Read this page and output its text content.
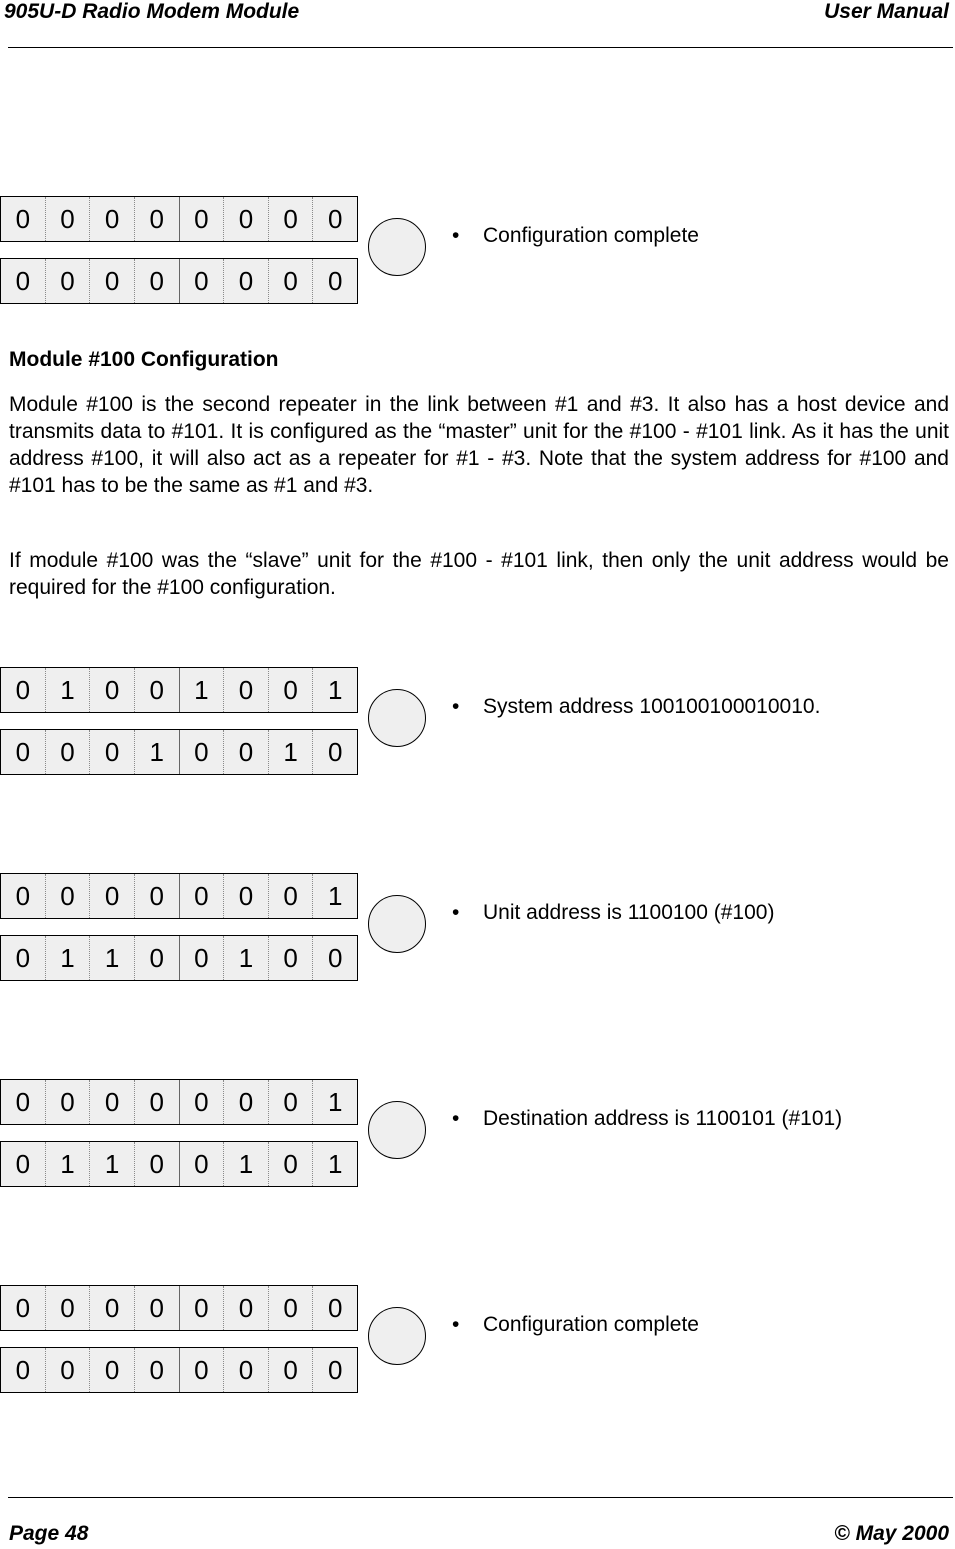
905U-D Radio Modem Module	User Manual
0	0	0	0	0	0	0	0
0	0	0	0	0	0	0	0
•	Configuration complete
Module #100 Configuration
Module #100 is the second repeater in the link between #1 and #3. It also has a host device and transmits data to #101. It is configured as the “master” unit for the #100 - #101 link. As it has the unit address #100, it will also act as a repeater for #1 - #3. Note that the system address for #100 and #101 has to be the same as #1 and #3.
If module #100 was the “slave” unit for the #100 - #101 link, then only the unit address would be required for the #100 configuration.
0	1	0	0	1	0	0	1
0	0	0	1	0	0	1	0
•	System address 100100100010010.
0	0	0	0	0	0	0	1
0	1	1	0	0	1	0	0
•	Unit address is 1100100 (#100)
0	0	0	0	0	0	0	1
0	1	1	0	0	1	0	1
•	Destination address is 1100101 (#101)
0	0	0	0	0	0	0	0
0	0	0	0	0	0	0	0
•	Configuration complete
Page 48	© May 2000
